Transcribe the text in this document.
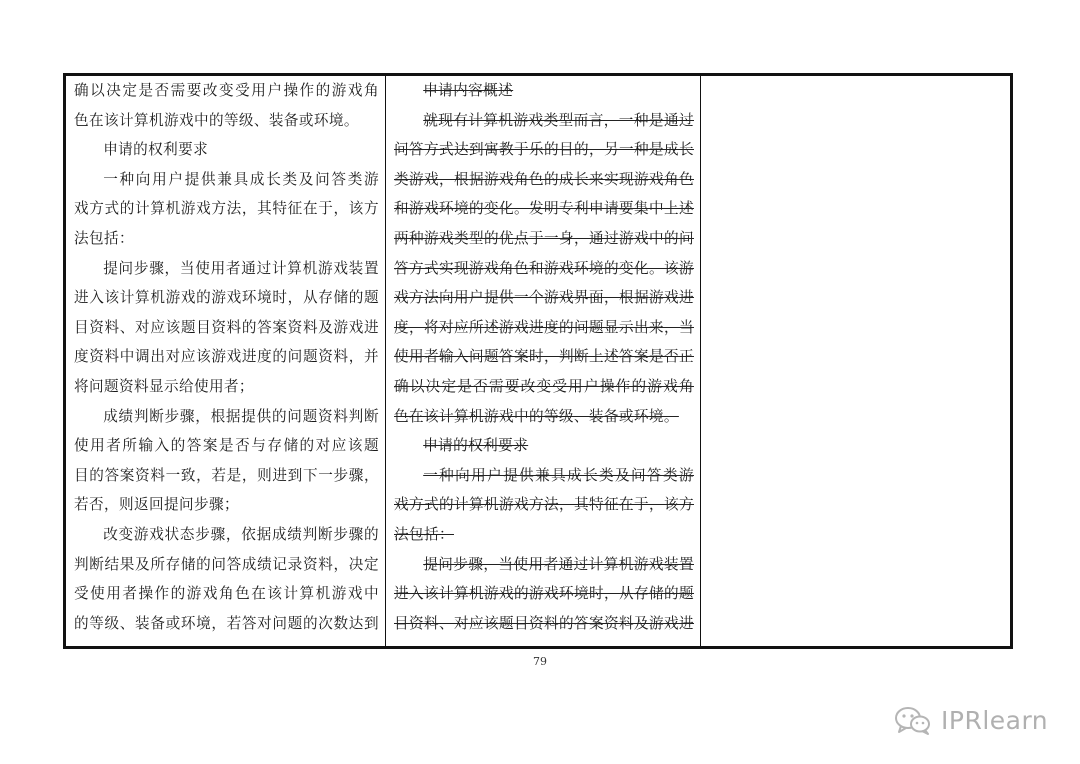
确以决定是否需要改变受用户操作的游戏角
色在该计算机游戏中的等级、装备或环境。
申请的权利要求
一种向用户提供兼具成长类及问答类游
戏方式的计算机游戏方法，其特征在于，该方
法包括：
提问步骤，当使用者通过计算机游戏装置
进入该计算机游戏的游戏环境时，从存储的题
目资料、对应该题目资料的答案资料及游戏进
度资料中调出对应该游戏进度的问题资料，并
将问题资料显示给使用者；
成绩判断步骤，根据提供的问题资料判断
使用者所输入的答案是否与存储的对应该题
目的答案资料一致，若是，则进到下一步骤，
若否，则返回提问步骤；
改变游戏状态步骤，依据成绩判断步骤的
判断结果及所存储的问答成绩记录资料，决定
受使用者操作的游戏角色在该计算机游戏中
的等级、装备或环境，若答对问题的次数达到

申请内容概述
就现有计算机游戏类型而言，一种是通过
问答方式达到寓教于乐的目的，另一种是成长
类游戏，根据游戏角色的成长来实现游戏角色
和游戏环境的变化。发明专利申请要集中上述
两种游戏类型的优点于一身，通过游戏中的问
答方式实现游戏角色和游戏环境的变化。该游
戏方法向用户提供一个游戏界面，根据游戏进
度，将对应所述游戏进度的问题显示出来，当
使用者输入问题答案时，判断上述答案是否正
确以决定是否需要改变受用户操作的游戏角
色在该计算机游戏中的等级、装备或环境。
申请的权利要求
一种向用户提供兼具成长类及问答类游
戏方式的计算机游戏方法，其特征在于，该方
法包括：
提问步骤，当使用者通过计算机游戏装置
进入该计算机游戏的游戏环境时，从存储的题
目资料、对应该题目资料的答案资料及游戏进

79
IPRlearn
